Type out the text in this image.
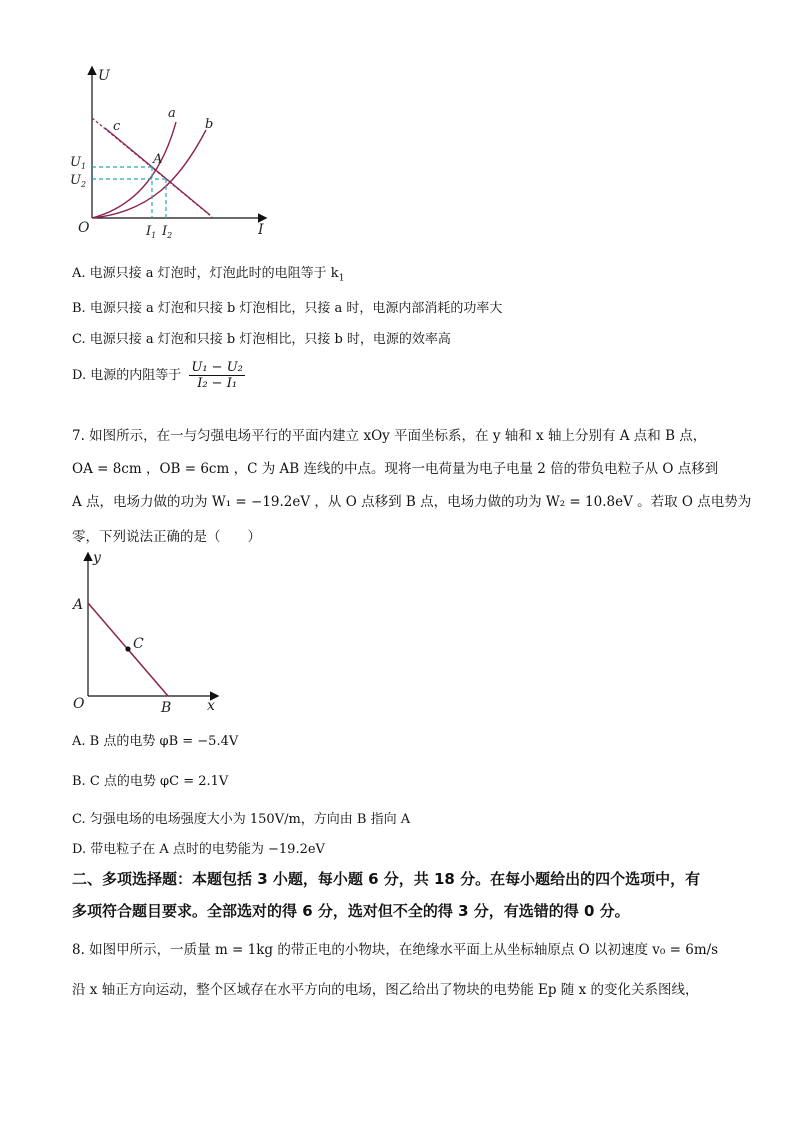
U
I
O
a
b
c
A
$U_1$
$U_2$
$I_1$ $I_2$
A. 电源只接 a 灯泡时，灯泡此时的电阻等于 $k_1$
B. 电源只接 a 灯泡和只接 b 灯泡相比，只接 a 时，电源内部消耗的功率大
C. 电源只接 a 灯泡和只接 b 灯泡相比，只接 b 时，电源的效率高
D. 电源的内阻等于 $\frac{\text{U₁ − U₂}}{\text{I₂ − I₁}}$
7. 如图所示，在一与匀强电场平行的平面内建立 xOy 平面坐标系，在 y 轴和 x 轴上分别有 A 点和 B 点，
OA = 8cm ，OB = 6cm ，C 为 AB 连线的中点。现将一电荷量为电子电量 2 倍的带负电粒子从 O 点移到
A 点，电场力做的功为 W₁ = −19.2eV ，从 O 点移到 B 点，电场力做的功为 W₂ = 10.8eV 。若取 O 点电势为
零，下列说法正确的是（　　）
y
x
O
A
B
C
A. B 点的电势 φB = −5.4V
B. C 点的电势 φC = 2.1V
C. 匀强电场的电场强度大小为 150V/m，方向由 B 指向 A
D. 带电粒子在 A 点时的电势能为 −19.2eV
二、多项选择题：本题包括 3 小题，每小题 6 分，共 18 分。在每小题给出的四个选项中，有
多项符合题目要求。全部选对的得 6 分，选对但不全的得 3 分，有选错的得 0 分。
8. 如图甲所示，一质量 m = 1kg 的带正电的小物块，在绝缘水平面上从坐标轴原点 O 以初速度 v₀ = 6m/s
沿 x 轴正方向运动，整个区域存在水平方向的电场，图乙给出了物块的电势能 Ep 随 x 的变化关系图线，
